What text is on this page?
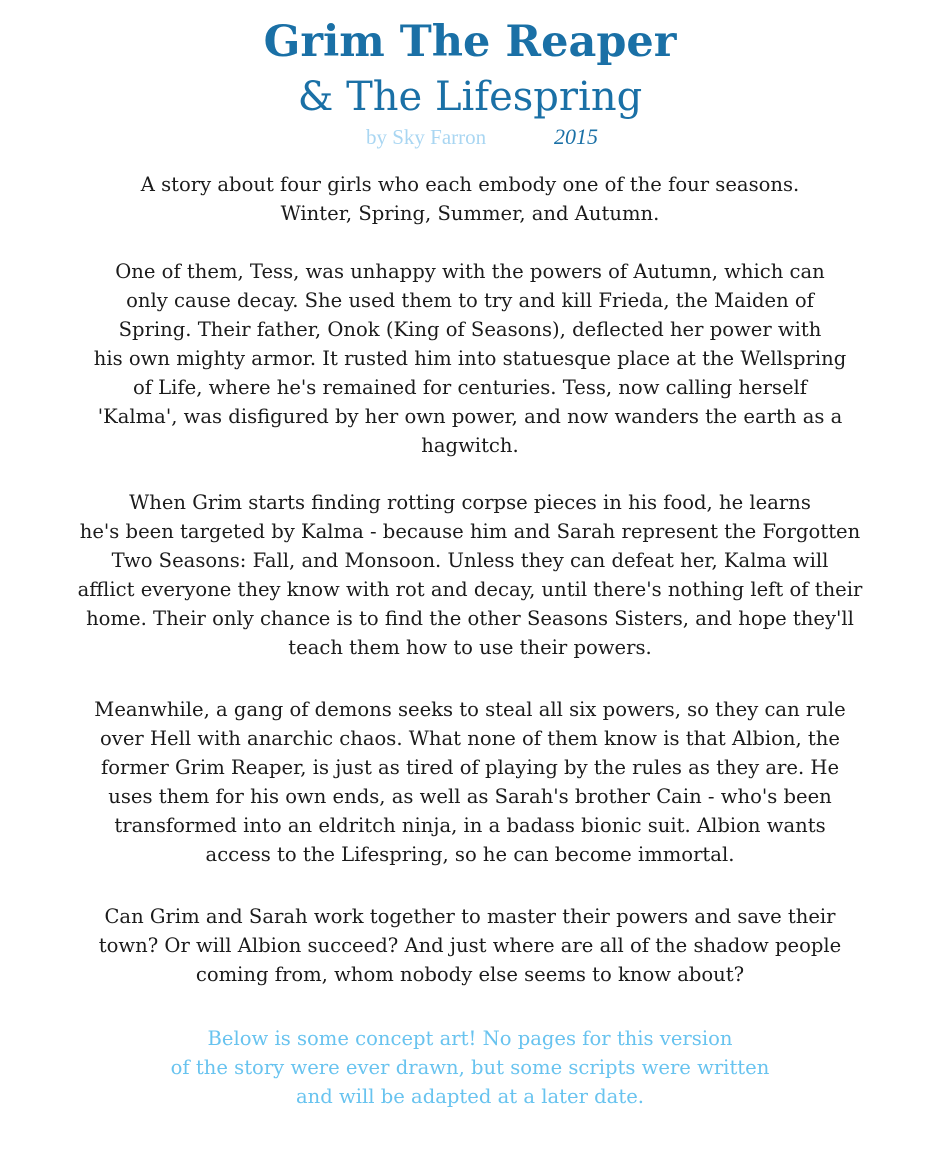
Grim The Reaper
& The Lifespring
by Sky Farron	2015
A story about four girls who each embody one of the four seasons.
Winter, Spring, Summer, and Autumn.
One of them, Tess, was unhappy with the powers of Autumn, which can
only cause decay. She used them to try and kill Frieda, the Maiden of
Spring. Their father, Onok (King of Seasons), deflected her power with
his own mighty armor. It rusted him into statuesque place at the Wellspring
of Life, where he's remained for centuries. Tess, now calling herself
'Kalma', was disfigured by her own power, and now wanders the earth as a
hagwitch.
When Grim starts finding rotting corpse pieces in his food, he learns
he's been targeted by Kalma - because him and Sarah represent the Forgotten
Two Seasons: Fall, and Monsoon. Unless they can defeat her, Kalma will
afflict everyone they know with rot and decay, until there's nothing left of their
home. Their only chance is to find the other Seasons Sisters, and hope they'll
teach them how to use their powers.
Meanwhile, a gang of demons seeks to steal all six powers, so they can rule
over Hell with anarchic chaos. What none of them know is that Albion, the
former Grim Reaper, is just as tired of playing by the rules as they are. He
uses them for his own ends, as well as Sarah's brother Cain - who's been
transformed into an eldritch ninja, in a badass bionic suit. Albion wants
access to the Lifespring, so he can become immortal.
Can Grim and Sarah work together to master their powers and save their
town? Or will Albion succeed? And just where are all of the shadow people
coming from, whom nobody else seems to know about?
Below is some concept art! No pages for this version
of the story were ever drawn, but some scripts were written
and will be adapted at a later date.
